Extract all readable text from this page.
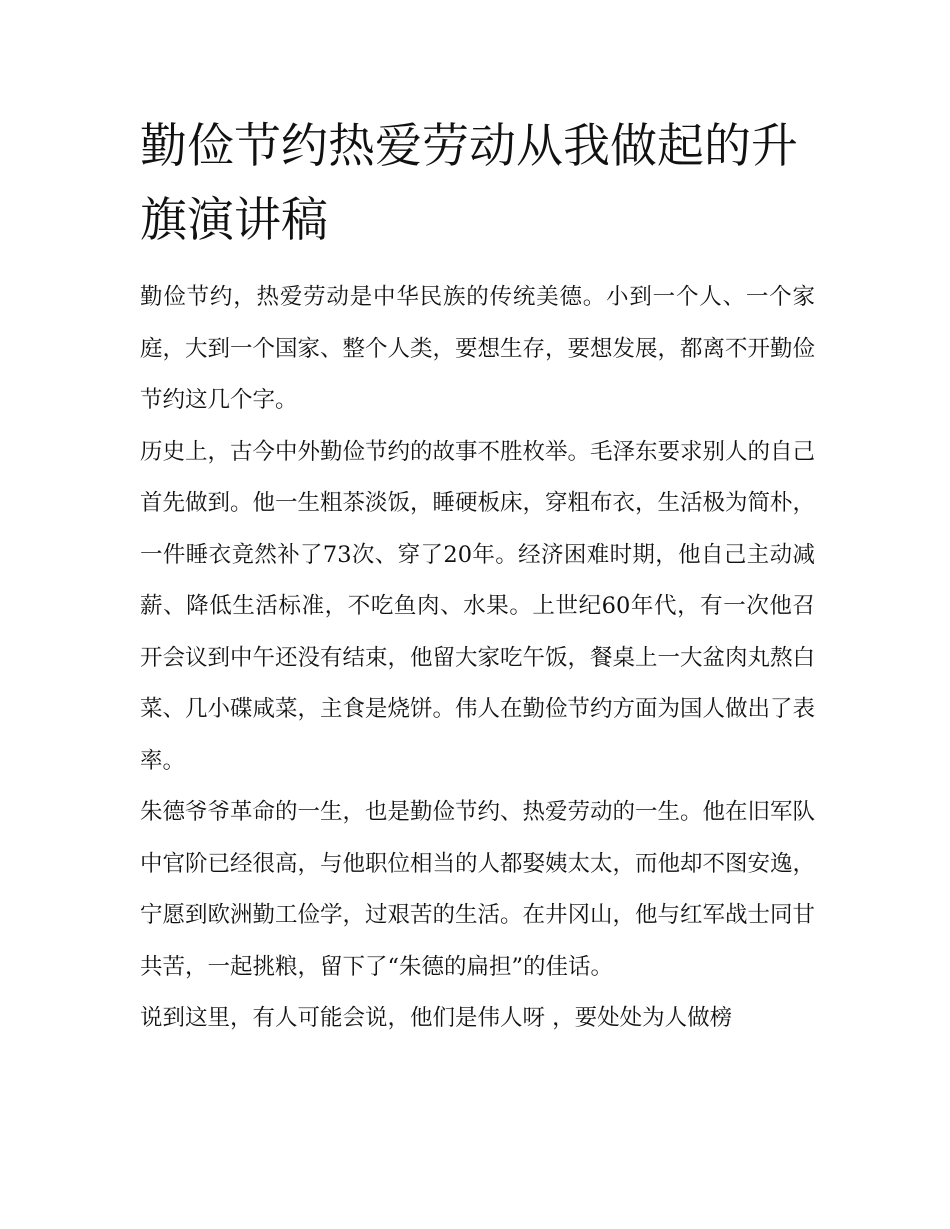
勤俭节约热爱劳动从我做起的升旗演讲稿

勤俭节约，热爱劳动是中华民族的传统美德。小到一个人、一个家庭，大到一个国家、整个人类，要想生存，要想发展，都离不开勤俭节约这几个字。

历史上，古今中外勤俭节约的故事不胜枚举。毛泽东要求别人的自己首先做到。他一生粗茶淡饭，睡硬板床，穿粗布衣，生活极为简朴，一件睡衣竟然补了73次、穿了20年。经济困难时期，他自己主动减薪、降低生活标准，不吃鱼肉、水果。上世纪60年代，有一次他召开会议到中午还没有结束，他留大家吃午饭，餐桌上一大盆肉丸熬白菜、几小碟咸菜，主食是烧饼。伟人在勤俭节约方面为国人做出了表率。

朱德爷爷革命的一生，也是勤俭节约、热爱劳动的一生。他在旧军队中官阶已经很高，与他职位相当的人都娶姨太太，而他却不图安逸，宁愿到欧洲勤工俭学，过艰苦的生活。在井冈山，他与红军战士同甘共苦，一起挑粮，留下了“朱德的扁担”的佳话。

说到这里，有人可能会说，他们是伟人呀 ，要处处为人做榜
